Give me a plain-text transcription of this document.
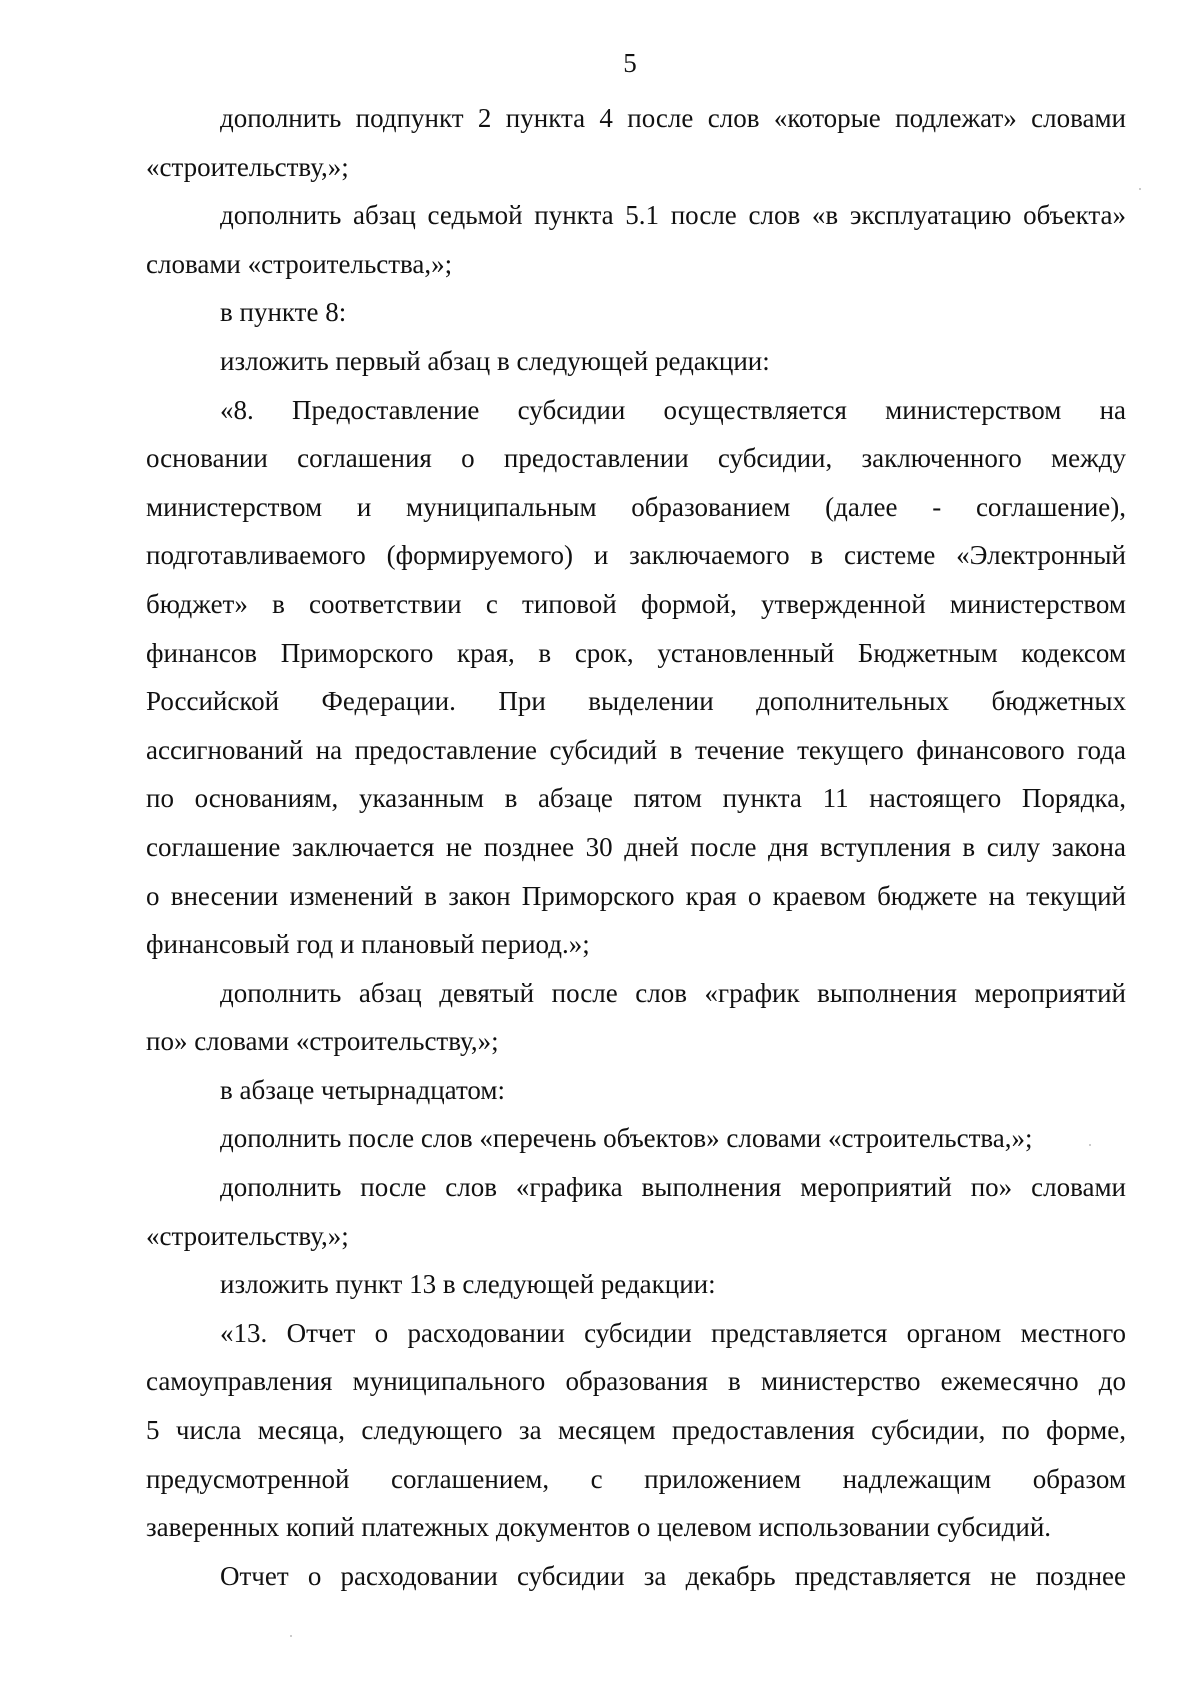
5
дополнить подпункт 2 пункта 4 после слов «которые подлежат» словами
«строительству,»;
дополнить абзац седьмой пункта 5.1 после слов «в эксплуатацию объекта»
словами «строительства,»;
в пункте 8:
изложить первый абзац в следующей редакции:
«8. Предоставление субсидии осуществляется министерством на
основании соглашения о предоставлении субсидии, заключенного между
министерством и муниципальным образованием (далее - соглашение),
подготавливаемого (формируемого) и заключаемого в системе «Электронный
бюджет» в соответствии с типовой формой, утвержденной министерством
финансов Приморского края, в срок, установленный Бюджетным кодексом
Российской Федерации. При выделении дополнительных бюджетных
ассигнований на предоставление субсидий в течение текущего финансового года
по основаниям, указанным в абзаце пятом пункта 11 настоящего Порядка,
соглашение заключается не позднее 30 дней после дня вступления в силу закона
о внесении изменений в закон Приморского края о краевом бюджете на текущий
финансовый год и плановый период.»;
дополнить абзац девятый после слов «график выполнения мероприятий
по» словами «строительству,»;
в абзаце четырнадцатом:
дополнить после слов «перечень объектов» словами «строительства,»;
дополнить после слов «графика выполнения мероприятий по» словами
«строительству,»;
изложить пункт 13 в следующей редакции:
«13. Отчет о расходовании субсидии представляется органом местного
самоуправления муниципального образования в министерство ежемесячно до
5 числа месяца, следующего за месяцем предоставления субсидии, по форме,
предусмотренной соглашением, с приложением надлежащим образом
заверенных копий платежных документов о целевом использовании субсидий.
Отчет о расходовании субсидии за декабрь представляется не позднее
